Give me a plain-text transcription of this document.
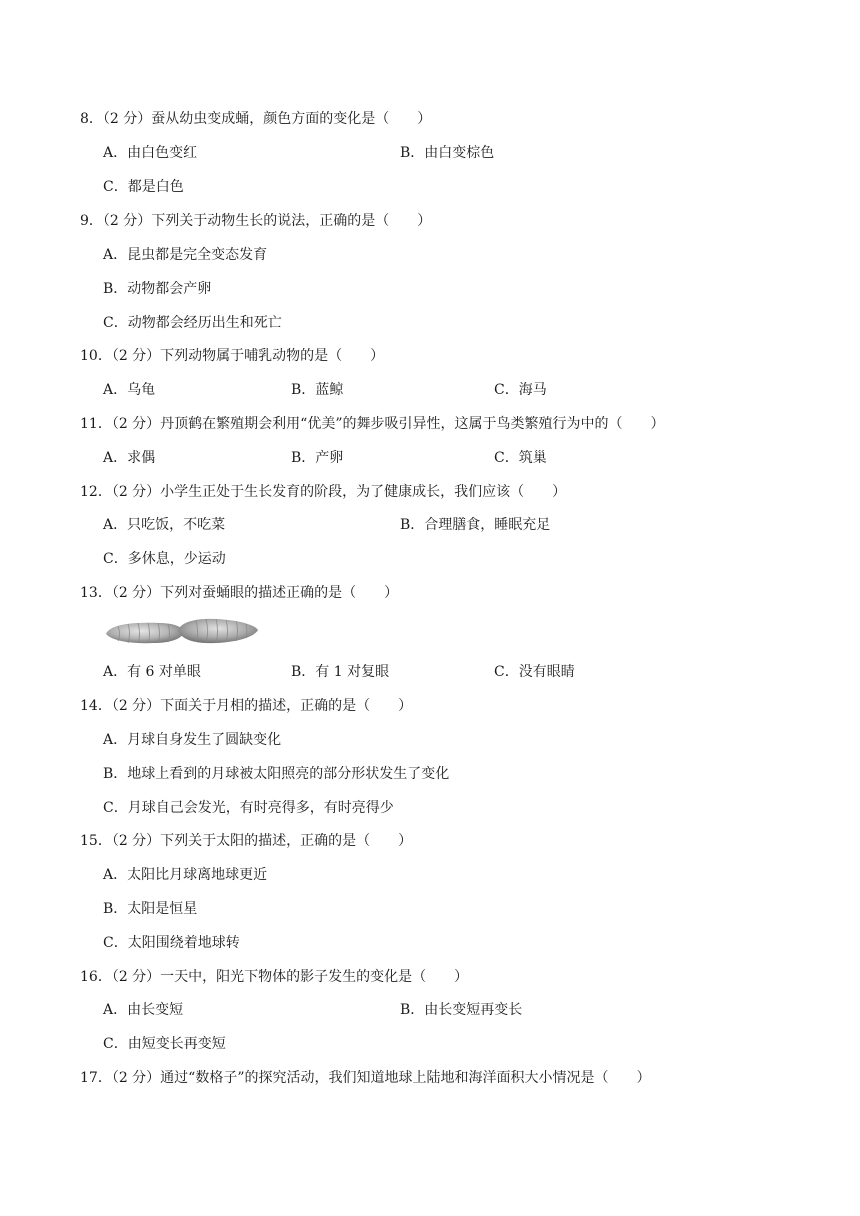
8．（2 分）蚕从幼虫变成蛹，颜色方面的变化是（　　）
A．由白色变红	B．由白变棕色
C．都是白色
9．（2 分）下列关于动物生长的说法，正确的是（　　）
A．昆虫都是完全变态发育
B．动物都会产卵
C．动物都会经历出生和死亡
10．（2 分）下列动物属于哺乳动物的是（　　）
A．乌龟	B．蓝鲸	C．海马
11．（2 分）丹顶鹤在繁殖期会利用“优美”的舞步吸引异性，这属于鸟类繁殖行为中的（　　）
A．求偶	B．产卵	C．筑巢
12．（2 分）小学生正处于生长发育的阶段，为了健康成长，我们应该（　　）
A．只吃饭，不吃菜	B．合理膳食，睡眠充足
C．多休息，少运动
13．（2 分）下列对蚕蛹眼的描述正确的是（　　）
A．有 6 对单眼	B．有 1 对复眼	C．没有眼睛
14．（2 分）下面关于月相的描述，正确的是（　　）
A．月球自身发生了圆缺变化
B．地球上看到的月球被太阳照亮的部分形状发生了变化
C．月球自己会发光，有时亮得多，有时亮得少
15．（2 分）下列关于太阳的描述，正确的是（　　）
A．太阳比月球离地球更近
B．太阳是恒星
C．太阳围绕着地球转
16．（2 分）一天中，阳光下物体的影子发生的变化是（　　）
A．由长变短	B．由长变短再变长
C．由短变长再变短
17．（2 分）通过“数格子”的探究活动，我们知道地球上陆地和海洋面积大小情况是（　　）
